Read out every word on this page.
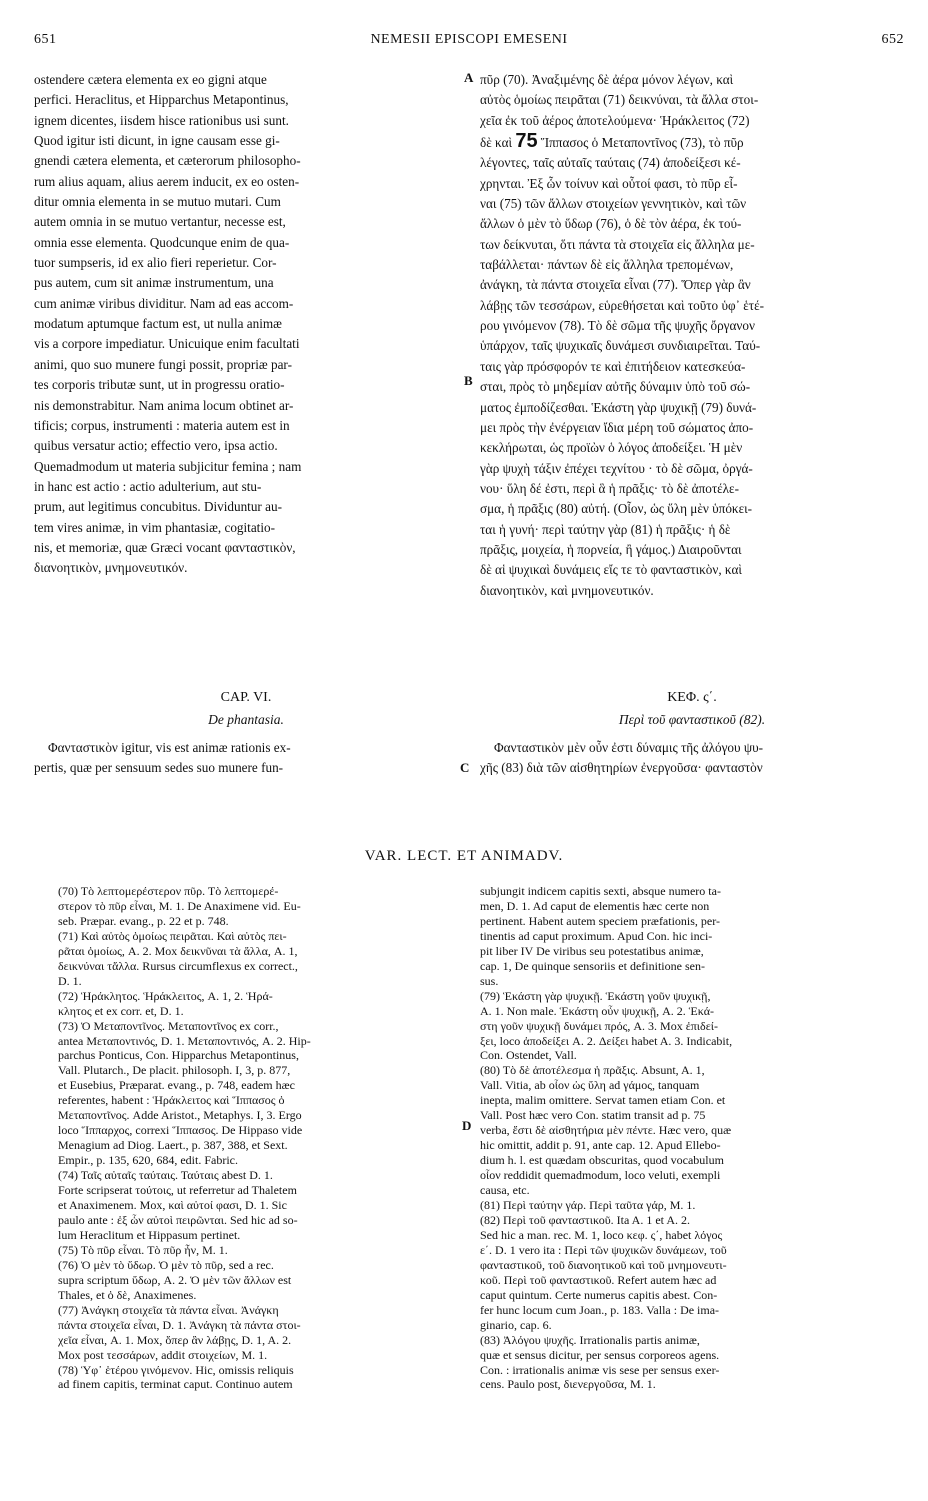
651	NEMESII EPISCOPI EMESENI	652
ostendere cætera elementa ex eo gigni atque
perfici. Heraclitus, et Hipparchus Metapontinus,
ignem dicentes, iisdem hisce rationibus usi sunt.
Quod igitur isti dicunt, in igne causam esse gi-
gnendi cætera elementa, et cæterorum philosopho-
rum alius aquam, alius aerem inducit, ex eo osten-
ditur omnia elementa in se mutuo mutari. Cum
autem omnia in se mutuo vertantur, necesse est,
omnia esse elementa. Quodcunque enim de qua-
tuor sumpseris, id ex alio fieri reperietur. Cor-
pus autem, cum sit animæ instrumentum, una
cum animæ viribus dividitur. Nam ad eas accom-
modatum aptumque factum est, ut nulla animæ
vis a corpore impediatur. Unicuique enim facultati
animi, quo suo munere fungi possit, propriæ par-
tes corporis tributæ sunt, ut in progressu oratio-
nis demonstrabitur. Nam anima locum obtinet ar-
tificis; corpus, instrumenti : materia autem est in
quibus versatur actio; effectio vero, ipsa actio.
Quemadmodum ut materia subjicitur femina ; nam
in hanc est actio : actio adulterium, aut stu-
prum, aut legitimus concubitus. Dividuntur au-
tem vires animæ, in vim phantasiæ, cogitatio-
nis, et memoriæ, quæ Græci vocant φανταστικὸν,
διανοητικὸν, μνημονευτικόν.
πῦρ (70). Ἀναξιμένης δὲ ἀέρα μόνον λέγων, καὶ
αὐτὸς ὁμοίως πειρᾶται (71) δεικνύναι, τὰ ἄλλα στοι-
χεῖα ἐκ τοῦ ἀέρος ἀποτελούμενα· Ἡράκλειτος (72)
δὲ καὶ 75 Ἵππασος ὁ Μεταποντῖνος (73), τὸ πῦρ
λέγοντες, ταῖς αὐταῖς ταύταις (74) ἀποδείξεσι κέ-
χρηνται. Ἐξ ὧν τοίνυν καὶ οὗτοί φασι, τὸ πῦρ εἶ-
ναι (75) τῶν ἄλλων στοιχείων γεννητικὸν, καὶ τῶν
ἄλλων ὁ μὲν τὸ ὕδωρ (76), ὁ δὲ τὸν ἀέρα, ἐκ τού-
των δείκνυται, ὅτι πάντα τὰ στοιχεῖα εἰς ἄλληλα με-
ταβάλλεται· πάντων δὲ εἰς ἄλληλα τρεπομένων,
ἀνάγκη, τὰ πάντα στοιχεῖα εἶναι (77). Ὅπερ γὰρ ἂν
λάβῃς τῶν τεσσάρων, εὑρεθήσεται καὶ τοῦτο ὑφ᾽ ἑτέ-
ρου γινόμενον (78). Τὸ δὲ σῶμα τῆς ψυχῆς ὄργανον
ὑπάρχον, ταῖς ψυχικαῖς δυνάμεσι συνδιαιρεῖται. Ταύ-
ταις γὰρ πρόσφορόν τε καὶ ἐπιτήδειον κατεσκεύα-
σται, πρὸς τὸ μηδεμίαν αὐτῆς δύναμιν ὑπὸ τοῦ σώ-
ματος ἐμποδίζεσθαι. Ἑκάστη γὰρ ψυχικῇ (79) δυνά-
μει πρὸς τὴν ἐνέργειαν ἴδια μέρη τοῦ σώματος ἀπο-
κεκλήρωται, ὡς προϊὼν ὁ λόγος ἀποδείξει. Ἡ μὲν
γὰρ ψυχὴ τάξιν ἐπέχει τεχνίτου · τὸ δὲ σῶμα, ὀργά-
νου· ὕλη δέ ἐστι, περὶ ἃ ἡ πρᾶξις· τὸ δὲ ἀποτέλε-
σμα, ἡ πρᾶξις (80) αὐτή. (Οἷον, ὡς ὕλη μὲν ὑπόκει-
ται ἡ γυνή· περὶ ταύτην γὰρ (81) ἡ πρᾶξις· ἡ δὲ
πρᾶξις, μοιχεία, ἡ πορνεία, ἢ γάμος.) Διαιροῦνται
δὲ αἱ ψυχικαὶ δυνάμεις εἴς τε τὸ φανταστικὸν, καὶ
διανοητικὸν, καὶ μνημονευτικόν.
A
B
C
D
CAP. VI.
De phantasia.
ΚΕΦ. ς΄.
Περὶ τοῦ φανταστικοῦ (82).
Φανταστικὸν igitur, vis est animæ rationis ex-
pertis, quæ per sensuum sedes suo munere fun-
Φανταστικὸν μὲν οὖν ἐστι δύναμις τῆς ἀλόγου ψυ-
χῆς (83) διὰ τῶν αἰσθητηρίων ἐνεργοῦσα· φανταστὸν
VAR. LECT. ET ANIMADV.
(70) Τὸ λεπτομερέστερον πῦρ. Τὸ λεπτομερέ-
στερον τὸ πῦρ εἶναι, M. 1. De Anaximene vid. Eu-
seb. Præpar. evang., p. 22 et p. 748.
(71) Καὶ αὐτὸς ὁμοίως πειρᾶται. Καὶ αὐτὸς πει-
ρᾶται ὁμοίως, A. 2. Mox δεικνῦναι τὰ ἄλλα, A. 1,
δεικνύναι τἄλλα. Rursus circumflexus ex correct.,
D. 1.
(72) Ἡράκλητος. Ἡράκλειτος, A. 1, 2. Ἡρά-
κλητος et ex corr. et, D. 1.
(73) Ὁ Μεταποντῖνος. Μεταποντῖνος ex corr.,
antea Μεταποντινός, D. 1. Μεταποντινός, A. 2. Hip-
parchus Ponticus, Con. Hipparchus Metapontinus,
Vall. Plutarch., De placit. philosoph. I, 3, p. 877,
et Eusebius, Præparat. evang., p. 748, eadem hæc
referentes, habent : Ἡράκλειτος καὶ Ἵππασος ὁ
Μεταποντῖνος. Adde Aristot., Metaphys. I, 3. Ergo
loco Ἵππαρχος, correxi Ἵππασος. De Hippaso vide
Menagium ad Diog. Laert., p. 387, 388, et Sext.
Empir., p. 135, 620, 684, edit. Fabric.
(74) Ταῖς αὐταῖς ταύταις. Ταύταις abest D. 1.
Forte scripserat τούτοις, ut referretur ad Thaletem
et Anaximenem. Mox, καὶ αὐτοί φασι, D. 1. Sic
paulo ante : ἐξ ὧν αὐτοὶ πειρῶνται. Sed hic ad so-
lum Heraclitum et Hippasum pertinet.
(75) Τὸ πῦρ εἶναι. Τὸ πῦρ ἦν, M. 1.
(76) Ὁ μὲν τὸ ὕδωρ. Ὁ μὲν τὸ πῦρ, sed a rec.
supra scriptum ὕδωρ, A. 2. Ὁ μὲν τῶν ἄλλων est
Thales, et ὁ δὲ, Anaximenes.
(77) Ἀνάγκη στοιχεῖα τὰ πάντα εἶναι. Ἀνάγκη
πάντα στοιχεῖα εἶναι, D. 1. Ἀνάγκη τὰ πάντα στοι-
χεῖα εἶναι, A. 1. Mox, ὅπερ ἂν λάβῃς, D. 1, A. 2.
Mox post τεσσάρων, addit στοιχείων, M. 1.
(78) Ὑφ᾽ ἑτέρου γινόμενον. Hic, omissis reliquis
ad finem capitis, terminat caput. Continuo autem
subjungit indicem capitis sexti, absque numero ta-
men, D. 1. Ad caput de elementis hæc certe non
pertinent. Habent autem speciem præfationis, per-
tinentis ad caput proximum. Apud Con. hic inci-
pit liber IV De viribus seu potestatibus animæ,
cap. 1, De quinque sensoriis et definitione sen-
sus.
(79) Ἑκάστη γὰρ ψυχικῇ. Ἑκάστη γοῦν ψυχικῇ,
A. 1. Non male. Ἑκάστη οὖν ψυχικῇ, A. 2. Ἑκά-
στη γοῦν ψυχικῇ δυνάμει πρός, A. 3. Mox ἐπιδεί-
ξει, loco ἀποδείξει A. 2. Δείξει habet A. 3. Indicabit,
Con. Ostendet, Vall.
(80) Τὸ δὲ ἀποτέλεσμα ἡ πρᾶξις. Absunt, A. 1,
Vall. Vitia, ab οἷον ὡς ὕλη ad γάμος, tanquam
inepta, malim omittere. Servat tamen etiam Con. et
Vall. Post hæc vero Con. statim transit ad p. 75
verba, ἔστι δὲ αἰσθητήρια μὲν πέντε. Hæc vero, quæ
hic omittit, addit p. 91, ante cap. 12. Apud Ellebo-
dium h. l. est quædam obscuritas, quod vocabulum
οἷον reddidit quemadmodum, loco veluti, exempli
causa, etc.
(81) Περὶ ταύτην γάρ. Περὶ ταῦτα γάρ, M. 1.
(82) Περὶ τοῦ φανταστικοῦ. Ita A. 1 et A. 2.
Sed hic a man. rec. M. 1, loco κεφ. ς΄, habet λόγος
ε΄. D. 1 vero ita : Περὶ τῶν ψυχικῶν δυνάμεων, τοῦ
φανταστικοῦ, τοῦ διανοητικοῦ καὶ τοῦ μνημονευτι-
κοῦ. Περὶ τοῦ φανταστικοῦ. Refert autem hæc ad
caput quintum. Certe numerus capitis abest. Con-
fer hunc locum cum Joan., p. 183. Valla : De ima-
ginario, cap. 6.
(83) Ἀλόγου ψυχῆς. Irrationalis partis animæ,
quæ et sensus dicitur, per sensus corporeos agens.
Con. : irrationalis animæ vis sese per sensus exer-
cens. Paulo post, διενεργοῦσα, M. 1.
